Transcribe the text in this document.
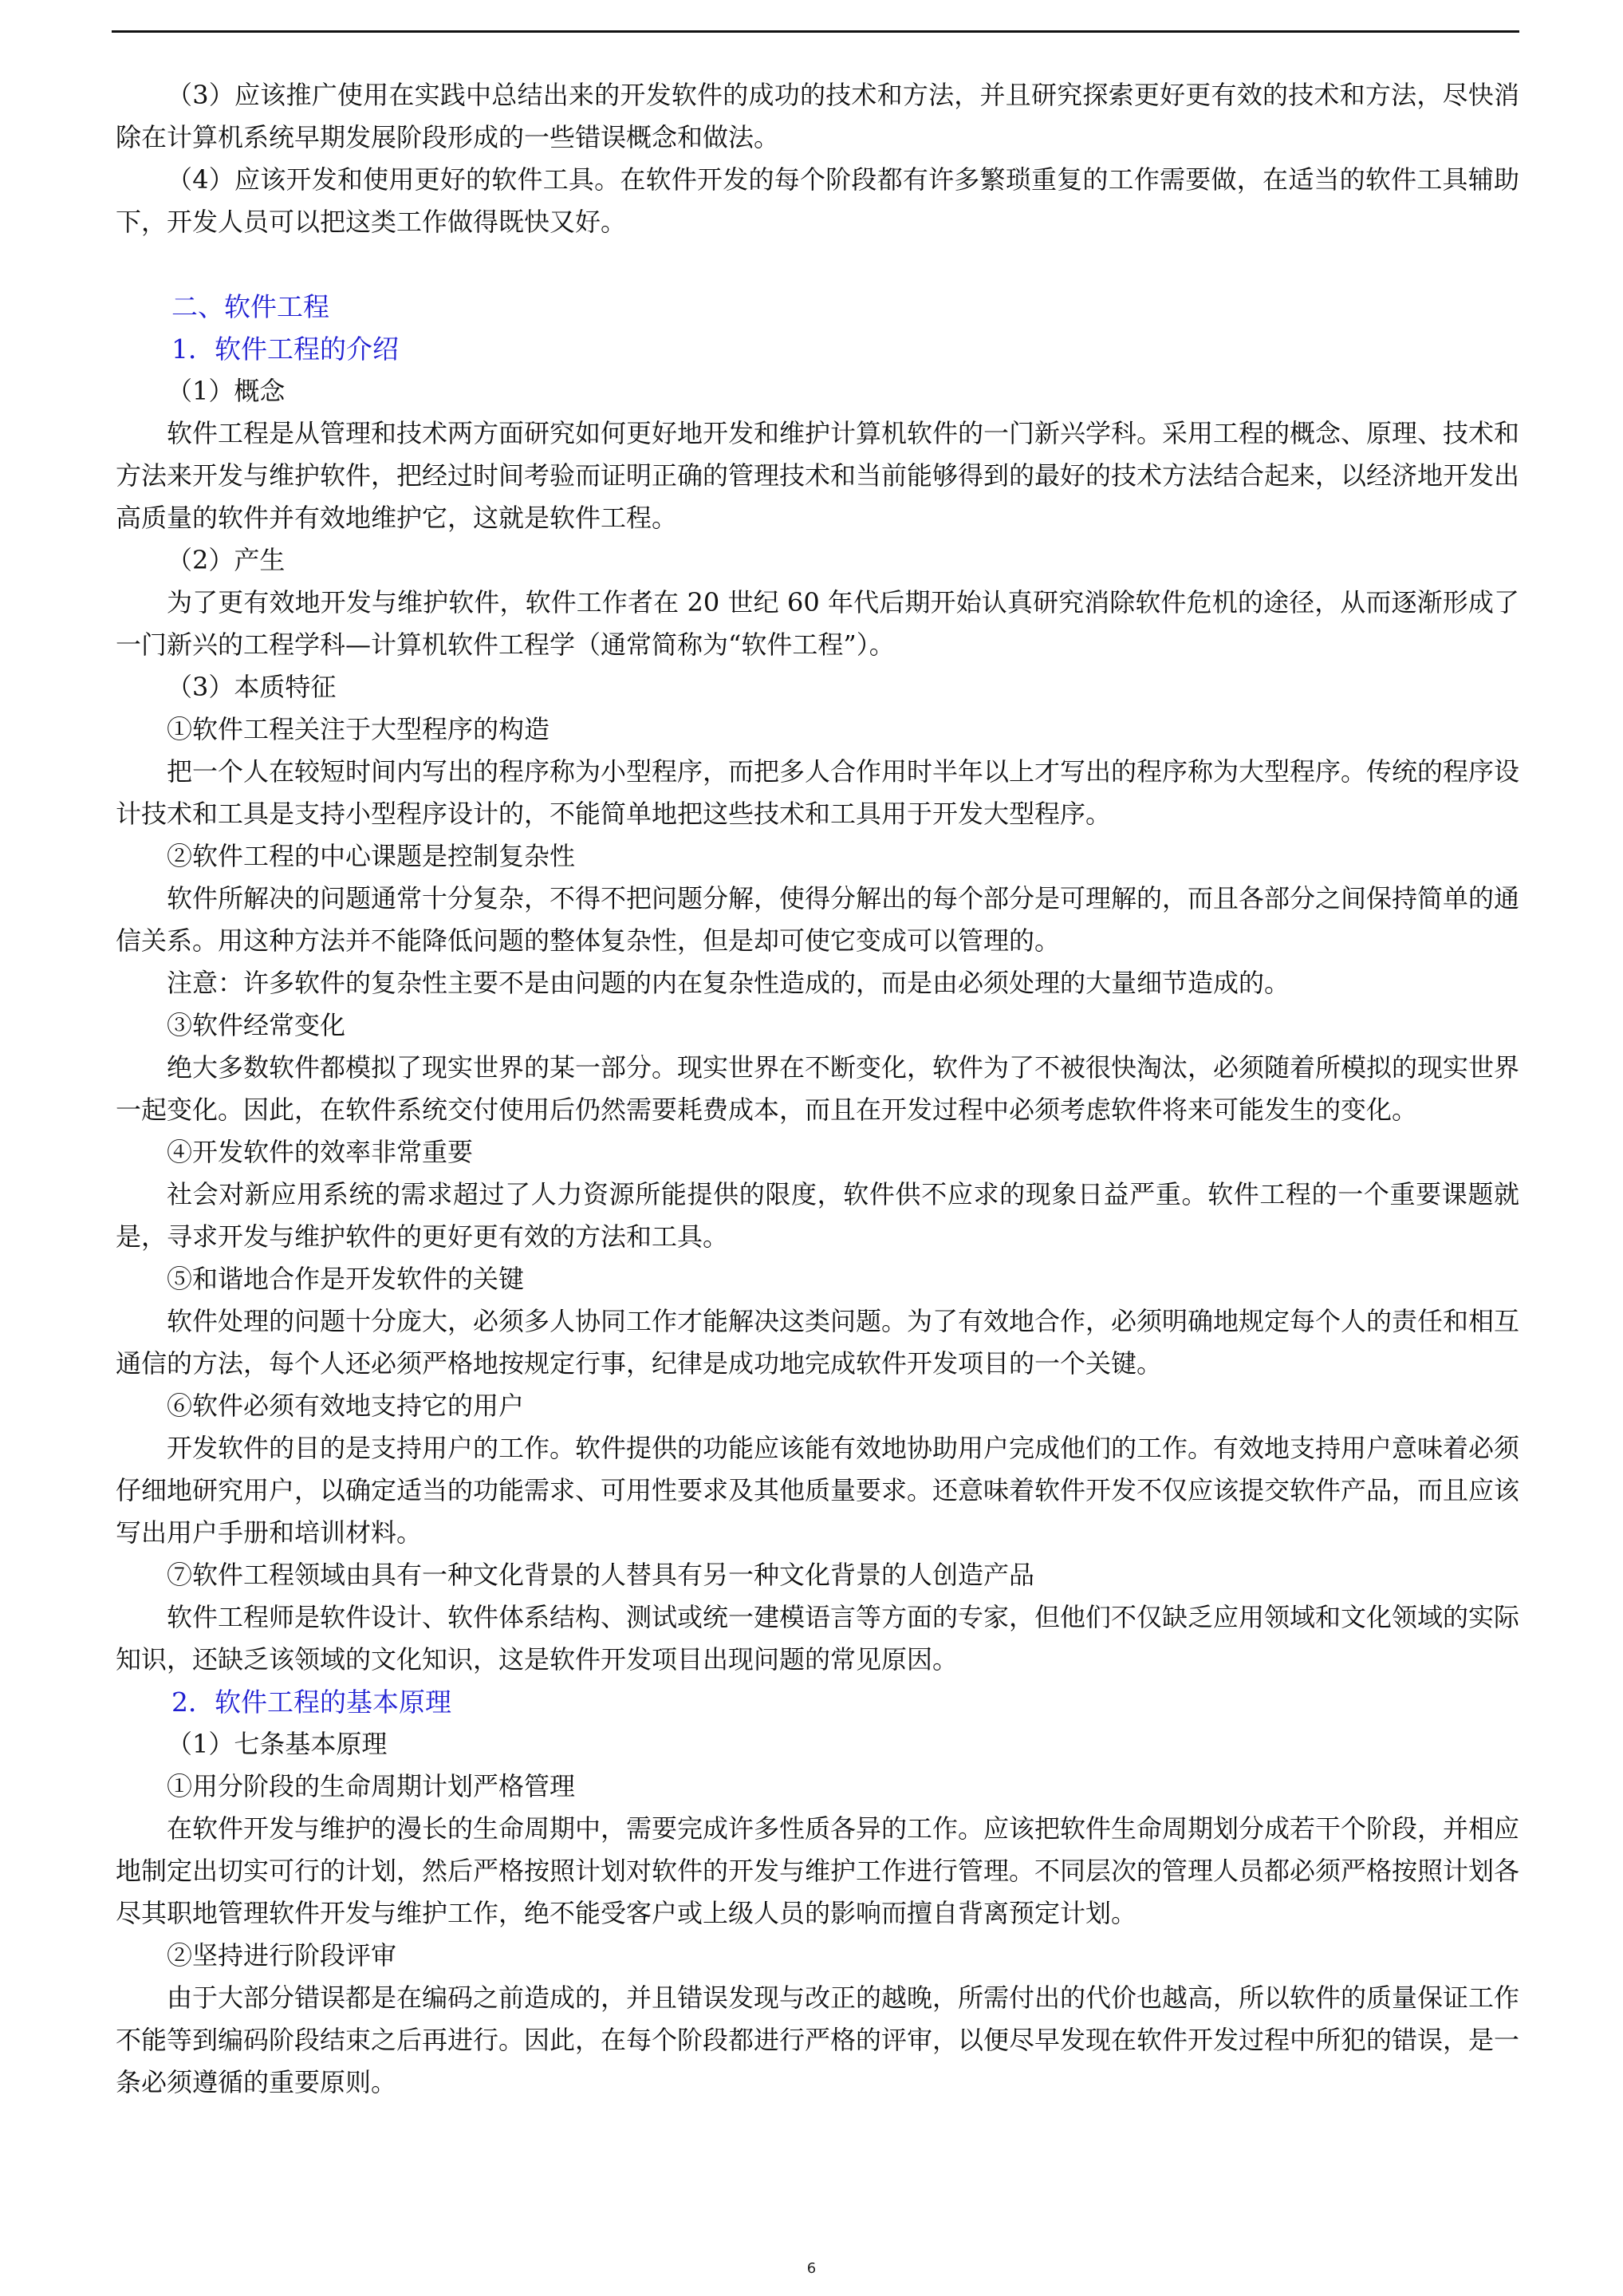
（3）应该推广使用在实践中总结出来的开发软件的成功的技术和方法，并且研究探索更好更有效的技术和方法，尽快消除在计算机系统早期发展阶段形成的一些错误概念和做法。

（4）应该开发和使用更好的软件工具。在软件开发的每个阶段都有许多繁琐重复的工作需要做，在适当的软件工具辅助下，开发人员可以把这类工作做得既快又好。

二、软件工程
1．软件工程的介绍

（1）概念

软件工程是从管理和技术两方面研究如何更好地开发和维护计算机软件的一门新兴学科。采用工程的概念、原理、技术和方法来开发与维护软件，把经过时间考验而证明正确的管理技术和当前能够得到的最好的技术方法结合起来，以经济地开发出高质量的软件并有效地维护它，这就是软件工程。

（2）产生

为了更有效地开发与维护软件，软件工作者在 20 世纪 60 年代后期开始认真研究消除软件危机的途径，从而逐渐形成了一门新兴的工程学科—计算机软件工程学（通常简称为“软件工程”）。

（3）本质特征

①软件工程关注于大型程序的构造

把一个人在较短时间内写出的程序称为小型程序，而把多人合作用时半年以上才写出的程序称为大型程序。传统的程序设计技术和工具是支持小型程序设计的，不能简单地把这些技术和工具用于开发大型程序。

②软件工程的中心课题是控制复杂性

软件所解决的问题通常十分复杂，不得不把问题分解，使得分解出的每个部分是可理解的，而且各部分之间保持简单的通信关系。用这种方法并不能降低问题的整体复杂性，但是却可使它变成可以管理的。

注意：许多软件的复杂性主要不是由问题的内在复杂性造成的，而是由必须处理的大量细节造成的。

③软件经常变化

绝大多数软件都模拟了现实世界的某一部分。现实世界在不断变化，软件为了不被很快淘汰，必须随着所模拟的现实世界一起变化。因此，在软件系统交付使用后仍然需要耗费成本，而且在开发过程中必须考虑软件将来可能发生的变化。

④开发软件的效率非常重要

社会对新应用系统的需求超过了人力资源所能提供的限度，软件供不应求的现象日益严重。软件工程的一个重要课题就是，寻求开发与维护软件的更好更有效的方法和工具。

⑤和谐地合作是开发软件的关键

软件处理的问题十分庞大，必须多人协同工作才能解决这类问题。为了有效地合作，必须明确地规定每个人的责任和相互通信的方法，每个人还必须严格地按规定行事，纪律是成功地完成软件开发项目的一个关键。

⑥软件必须有效地支持它的用户

开发软件的目的是支持用户的工作。软件提供的功能应该能有效地协助用户完成他们的工作。有效地支持用户意味着必须仔细地研究用户，以确定适当的功能需求、可用性要求及其他质量要求。还意味着软件开发不仅应该提交软件产品，而且应该写出用户手册和培训材料。

⑦软件工程领域由具有一种文化背景的人替具有另一种文化背景的人创造产品

软件工程师是软件设计、软件体系结构、测试或统一建模语言等方面的专家，但他们不仅缺乏应用领域和文化领域的实际知识，还缺乏该领域的文化知识，这是软件开发项目出现问题的常见原因。

2．软件工程的基本原理

（1）七条基本原理

①用分阶段的生命周期计划严格管理

在软件开发与维护的漫长的生命周期中，需要完成许多性质各异的工作。应该把软件生命周期划分成若干个阶段，并相应地制定出切实可行的计划，然后严格按照计划对软件的开发与维护工作进行管理。不同层次的管理人员都必须严格按照计划各尽其职地管理软件开发与维护工作，绝不能受客户或上级人员的影响而擅自背离预定计划。

②坚持进行阶段评审

由于大部分错误都是在编码之前造成的，并且错误发现与改正的越晚，所需付出的代价也越高，所以软件的质量保证工作不能等到编码阶段结束之后再进行。因此，在每个阶段都进行严格的评审，以便尽早发现在软件开发过程中所犯的错误，是一条必须遵循的重要原则。

6
